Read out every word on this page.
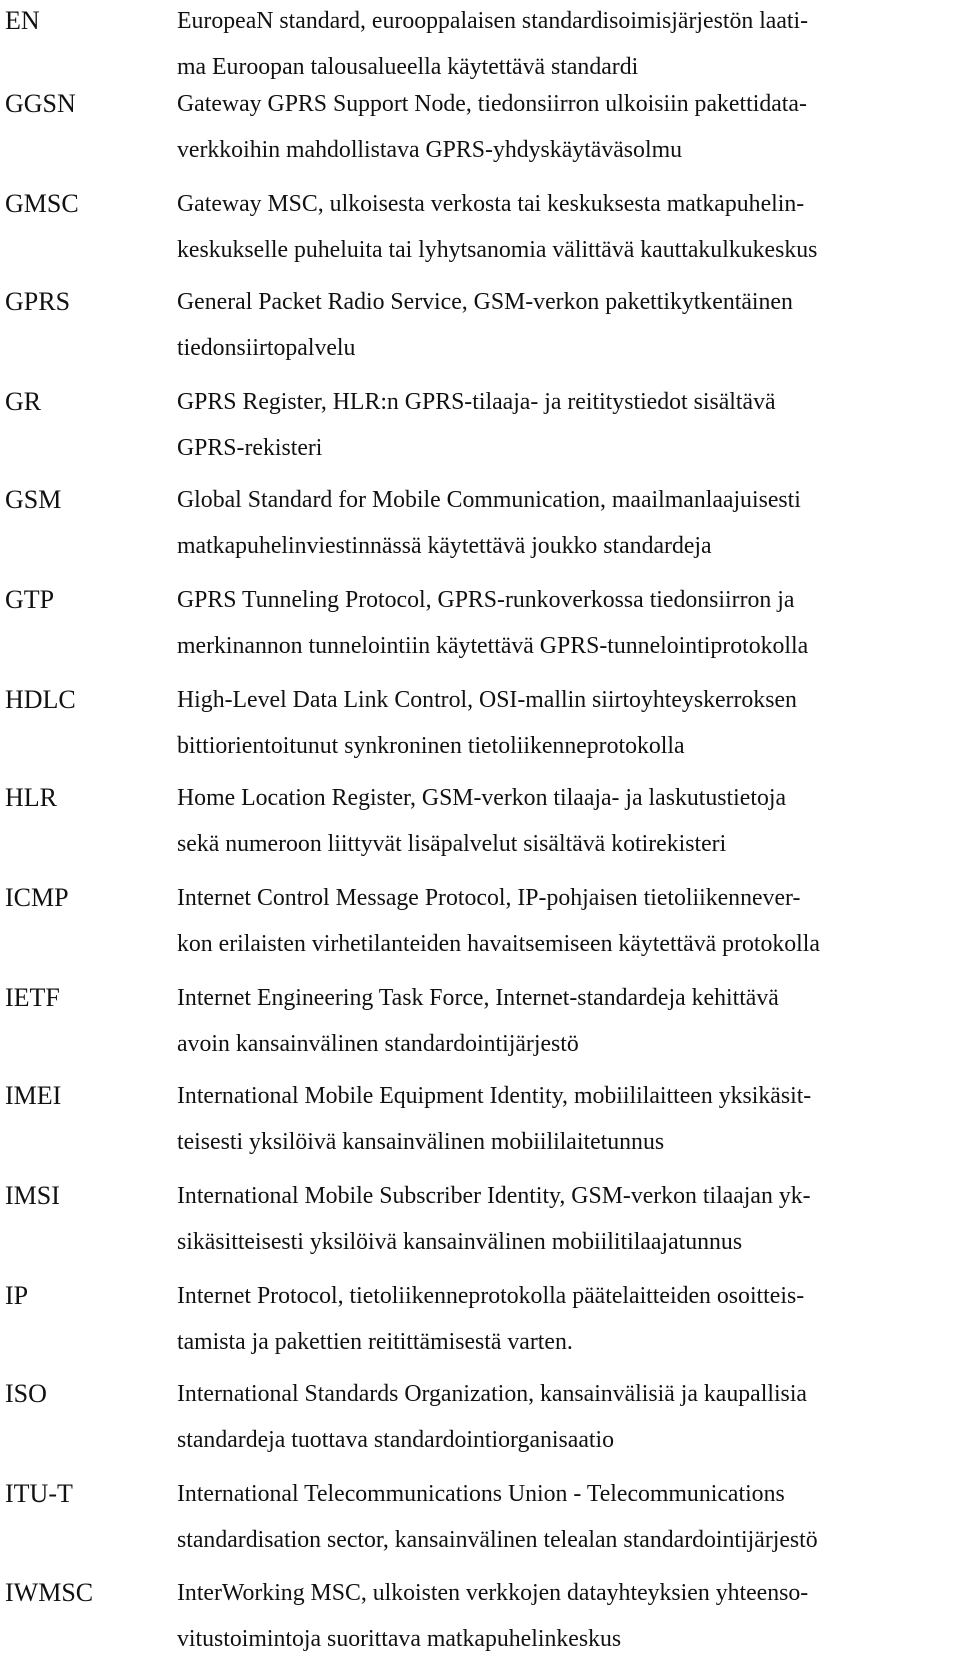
EN	EuropeaN standard, eurooppalaisen standardisoimisjärjestön laati-
ma Euroopan talousalueella käytettävä standardi
GGSN	Gateway GPRS Support Node, tiedonsiirron ulkoisiin pakettidata-
verkkoihin mahdollistava GPRS-yhdyskäytäväsolmu
GMSC	Gateway MSC, ulkoisesta verkosta tai keskuksesta matkapuhelin-
keskukselle puheluita tai lyhytsanomia välittävä kauttakulkukeskus
GPRS	General Packet Radio Service, GSM-verkon pakettikytkentäinen
tiedonsiirtopalvelu
GR	GPRS Register, HLR:n GPRS-tilaaja- ja reititystiedot sisältävä
GPRS-rekisteri
GSM	Global Standard for Mobile Communication, maailmanlaajuisesti
matkapuhelinviestinnässä käytettävä joukko standardeja
GTP	GPRS Tunneling Protocol, GPRS-runkoverkossa tiedonsiirron ja
merkinannon tunnelointiin käytettävä GPRS-tunnelointiprotokolla
HDLC	High-Level Data Link Control, OSI-mallin siirtoyhteyskerroksen
bittiorientoitunut synkroninen tietoliikenneprotokolla
HLR	Home Location Register, GSM-verkon tilaaja- ja laskutustietoja
sekä numeroon liittyvät lisäpalvelut sisältävä kotirekisteri
ICMP	Internet Control Message Protocol, IP-pohjaisen tietoliikennever-
kon erilaisten virhetilanteiden havaitsemiseen käytettävä protokolla
IETF	Internet Engineering Task Force, Internet-standardeja kehittävä
avoin kansainvälinen standardointijärjestö
IMEI	International Mobile Equipment Identity, mobiililaitteen yksikäsit-
teisesti yksilöivä kansainvälinen mobiililaitetunnus
IMSI	International Mobile Subscriber Identity, GSM-verkon tilaajan yk-
sikäsitteisesti yksilöivä kansainvälinen mobiilitilaajatunnus
IP	Internet Protocol, tietoliikenneprotokolla päätelaitteiden osoitteis-
tamista ja pakettien reitittämisestä varten.
ISO	International Standards Organization, kansainvälisiä ja kaupallisia
standardeja tuottava standardointiorganisaatio
ITU-T	International Telecommunications Union - Telecommunications
standardisation sector, kansainvälinen telealan standardointijärjestö
IWMSC	InterWorking MSC, ulkoisten verkkojen datayhteyksien yhteenso-
vitustoimintoja suorittava matkapuhelinkeskus
